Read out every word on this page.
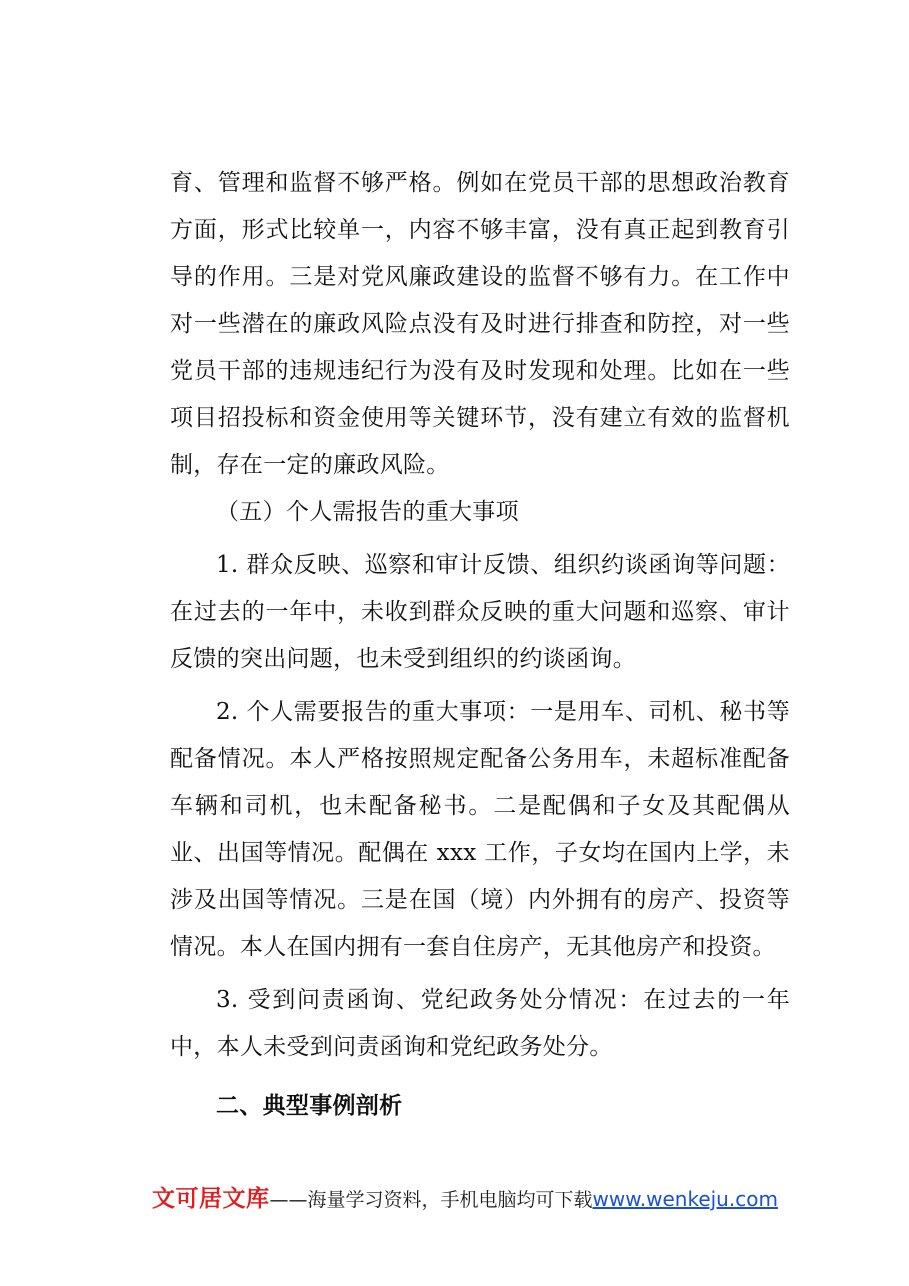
育、管理和监督不够严格。例如在党员干部的思想政治教育方面，形式比较单一，内容不够丰富，没有真正起到教育引导的作用。三是对党风廉政建设的监督不够有力。在工作中对一些潜在的廉政风险点没有及时进行排查和防控，对一些党员干部的违规违纪行为没有及时发现和处理。比如在一些项目招投标和资金使用等关键环节，没有建立有效的监督机制，存在一定的廉政风险。

（五）个人需报告的重大事项

1. 群众反映、巡察和审计反馈、组织约谈函询等问题：在过去的一年中，未收到群众反映的重大问题和巡察、审计反馈的突出问题，也未受到组织的约谈函询。

2. 个人需要报告的重大事项：一是用车、司机、秘书等配备情况。本人严格按照规定配备公务用车，未超标准配备车辆和司机，也未配备秘书。二是配偶和子女及其配偶从业、出国等情况。配偶在 xxx 工作，子女均在国内上学，未涉及出国等情况。三是在国（境）内外拥有的房产、投资等情况。本人在国内拥有一套自住房产，无其他房产和投资。

3. 受到问责函询、党纪政务处分情况：在过去的一年中，本人未受到问责函询和党纪政务处分。

二、典型事例剖析

文可居文库——海量学习资料，手机电脑均可下载www.wenkeju.com
